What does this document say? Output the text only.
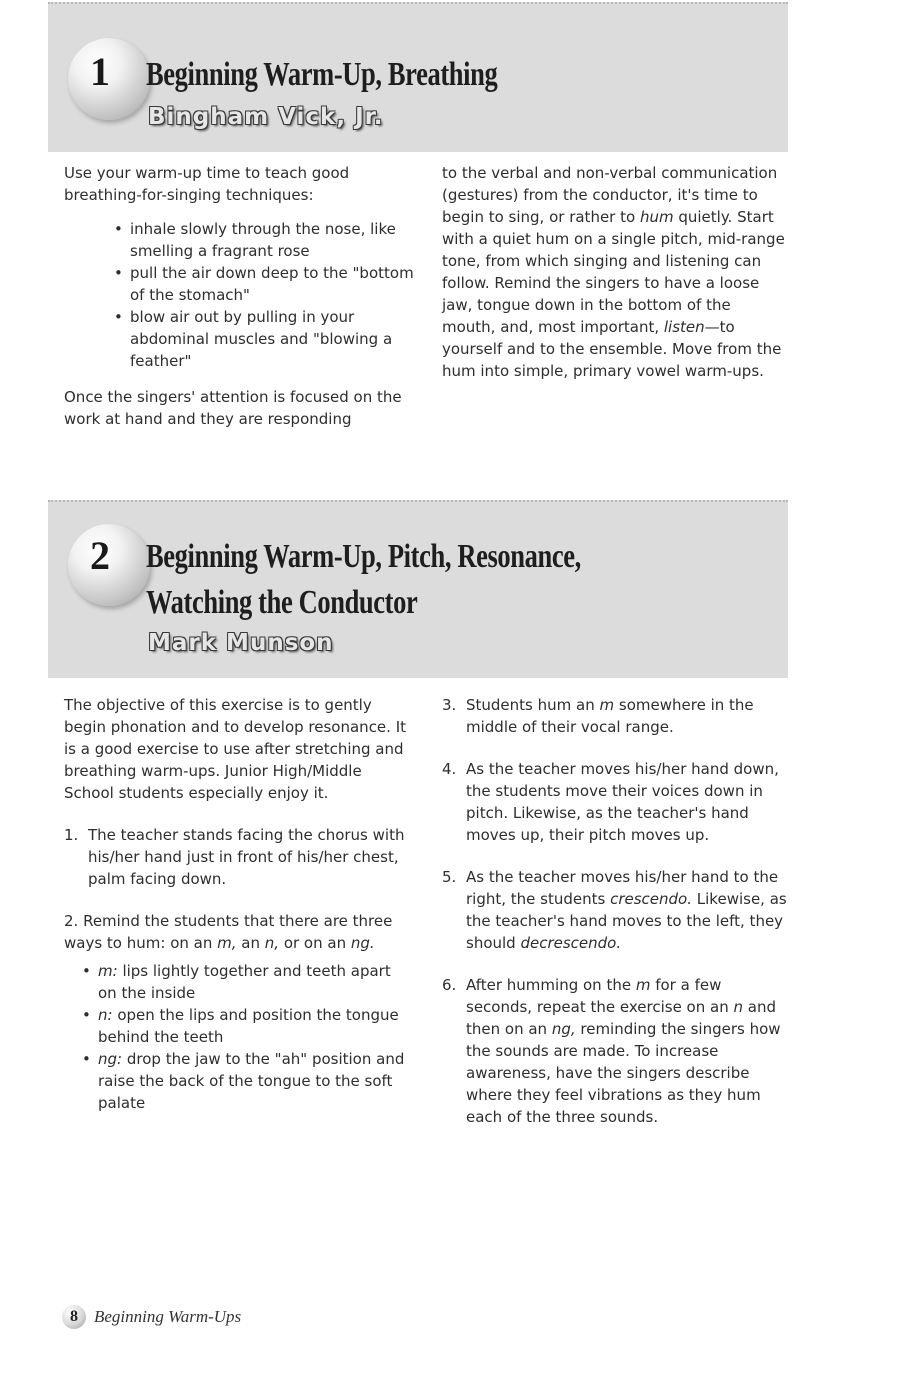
1 Beginning Warm-Up, Breathing
Bingham Vick, Jr.

Use your warm-up time to teach good breathing-for-singing techniques:

• inhale slowly through the nose, like smelling a fragrant rose
• pull the air down deep to the "bottom of the stomach"
• blow air out by pulling in your abdominal muscles and "blowing a feather"

Once the singers' attention is focused on the work at hand and they are responding

to the verbal and non-verbal communication (gestures) from the conductor, it's time to begin to sing, or rather to hum quietly. Start with a quiet hum on a single pitch, mid-range tone, from which singing and listening can follow. Remind the singers to have a loose jaw, tongue down in the bottom of the mouth, and, most important, listen—to yourself and to the ensemble. Move from the hum into simple, primary vowel warm-ups.

2 Beginning Warm-Up, Pitch, Resonance,
Watching the Conductor
Mark Munson

The objective of this exercise is to gently begin phonation and to develop resonance. It is a good exercise to use after stretching and breathing warm-ups. Junior High/Middle School students especially enjoy it.

1. The teacher stands facing the chorus with his/her hand just in front of his/her chest, palm facing down.

2. Remind the students that there are three ways to hum: on an m, an n, or on an ng.

• m: lips lightly together and teeth apart on the inside
• n: open the lips and position the tongue behind the teeth
• ng: drop the jaw to the "ah" position and raise the back of the tongue to the soft palate

3. Students hum an m somewhere in the middle of their vocal range.

4. As the teacher moves his/her hand down, the students move their voices down in pitch. Likewise, as the teacher's hand moves up, their pitch moves up.

5. As the teacher moves his/her hand to the right, the students crescendo. Likewise, as the teacher's hand moves to the left, they should decrescendo.

6. After humming on the m for a few seconds, repeat the exercise on an n and then on an ng, reminding the singers how the sounds are made. To increase awareness, have the singers describe where they feel vibrations as they hum each of the three sounds.

8 Beginning Warm-Ups
